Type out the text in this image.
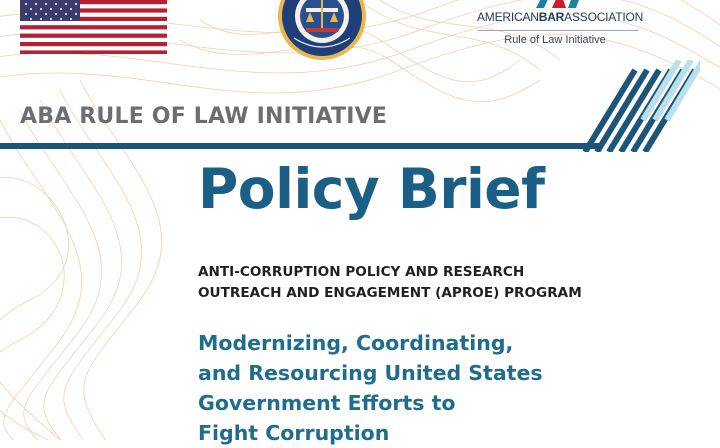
AMERICANBARASSOCIATION
Rule of Law Initiative
ABA RULE OF LAW INITIATIVE
Policy Brief
ANTI-CORRUPTION POLICY AND RESEARCH
OUTREACH AND ENGAGEMENT (APROE) PROGRAM
Modernizing, Coordinating,
and Resourcing United States
Government Efforts to
Fight Corruption
